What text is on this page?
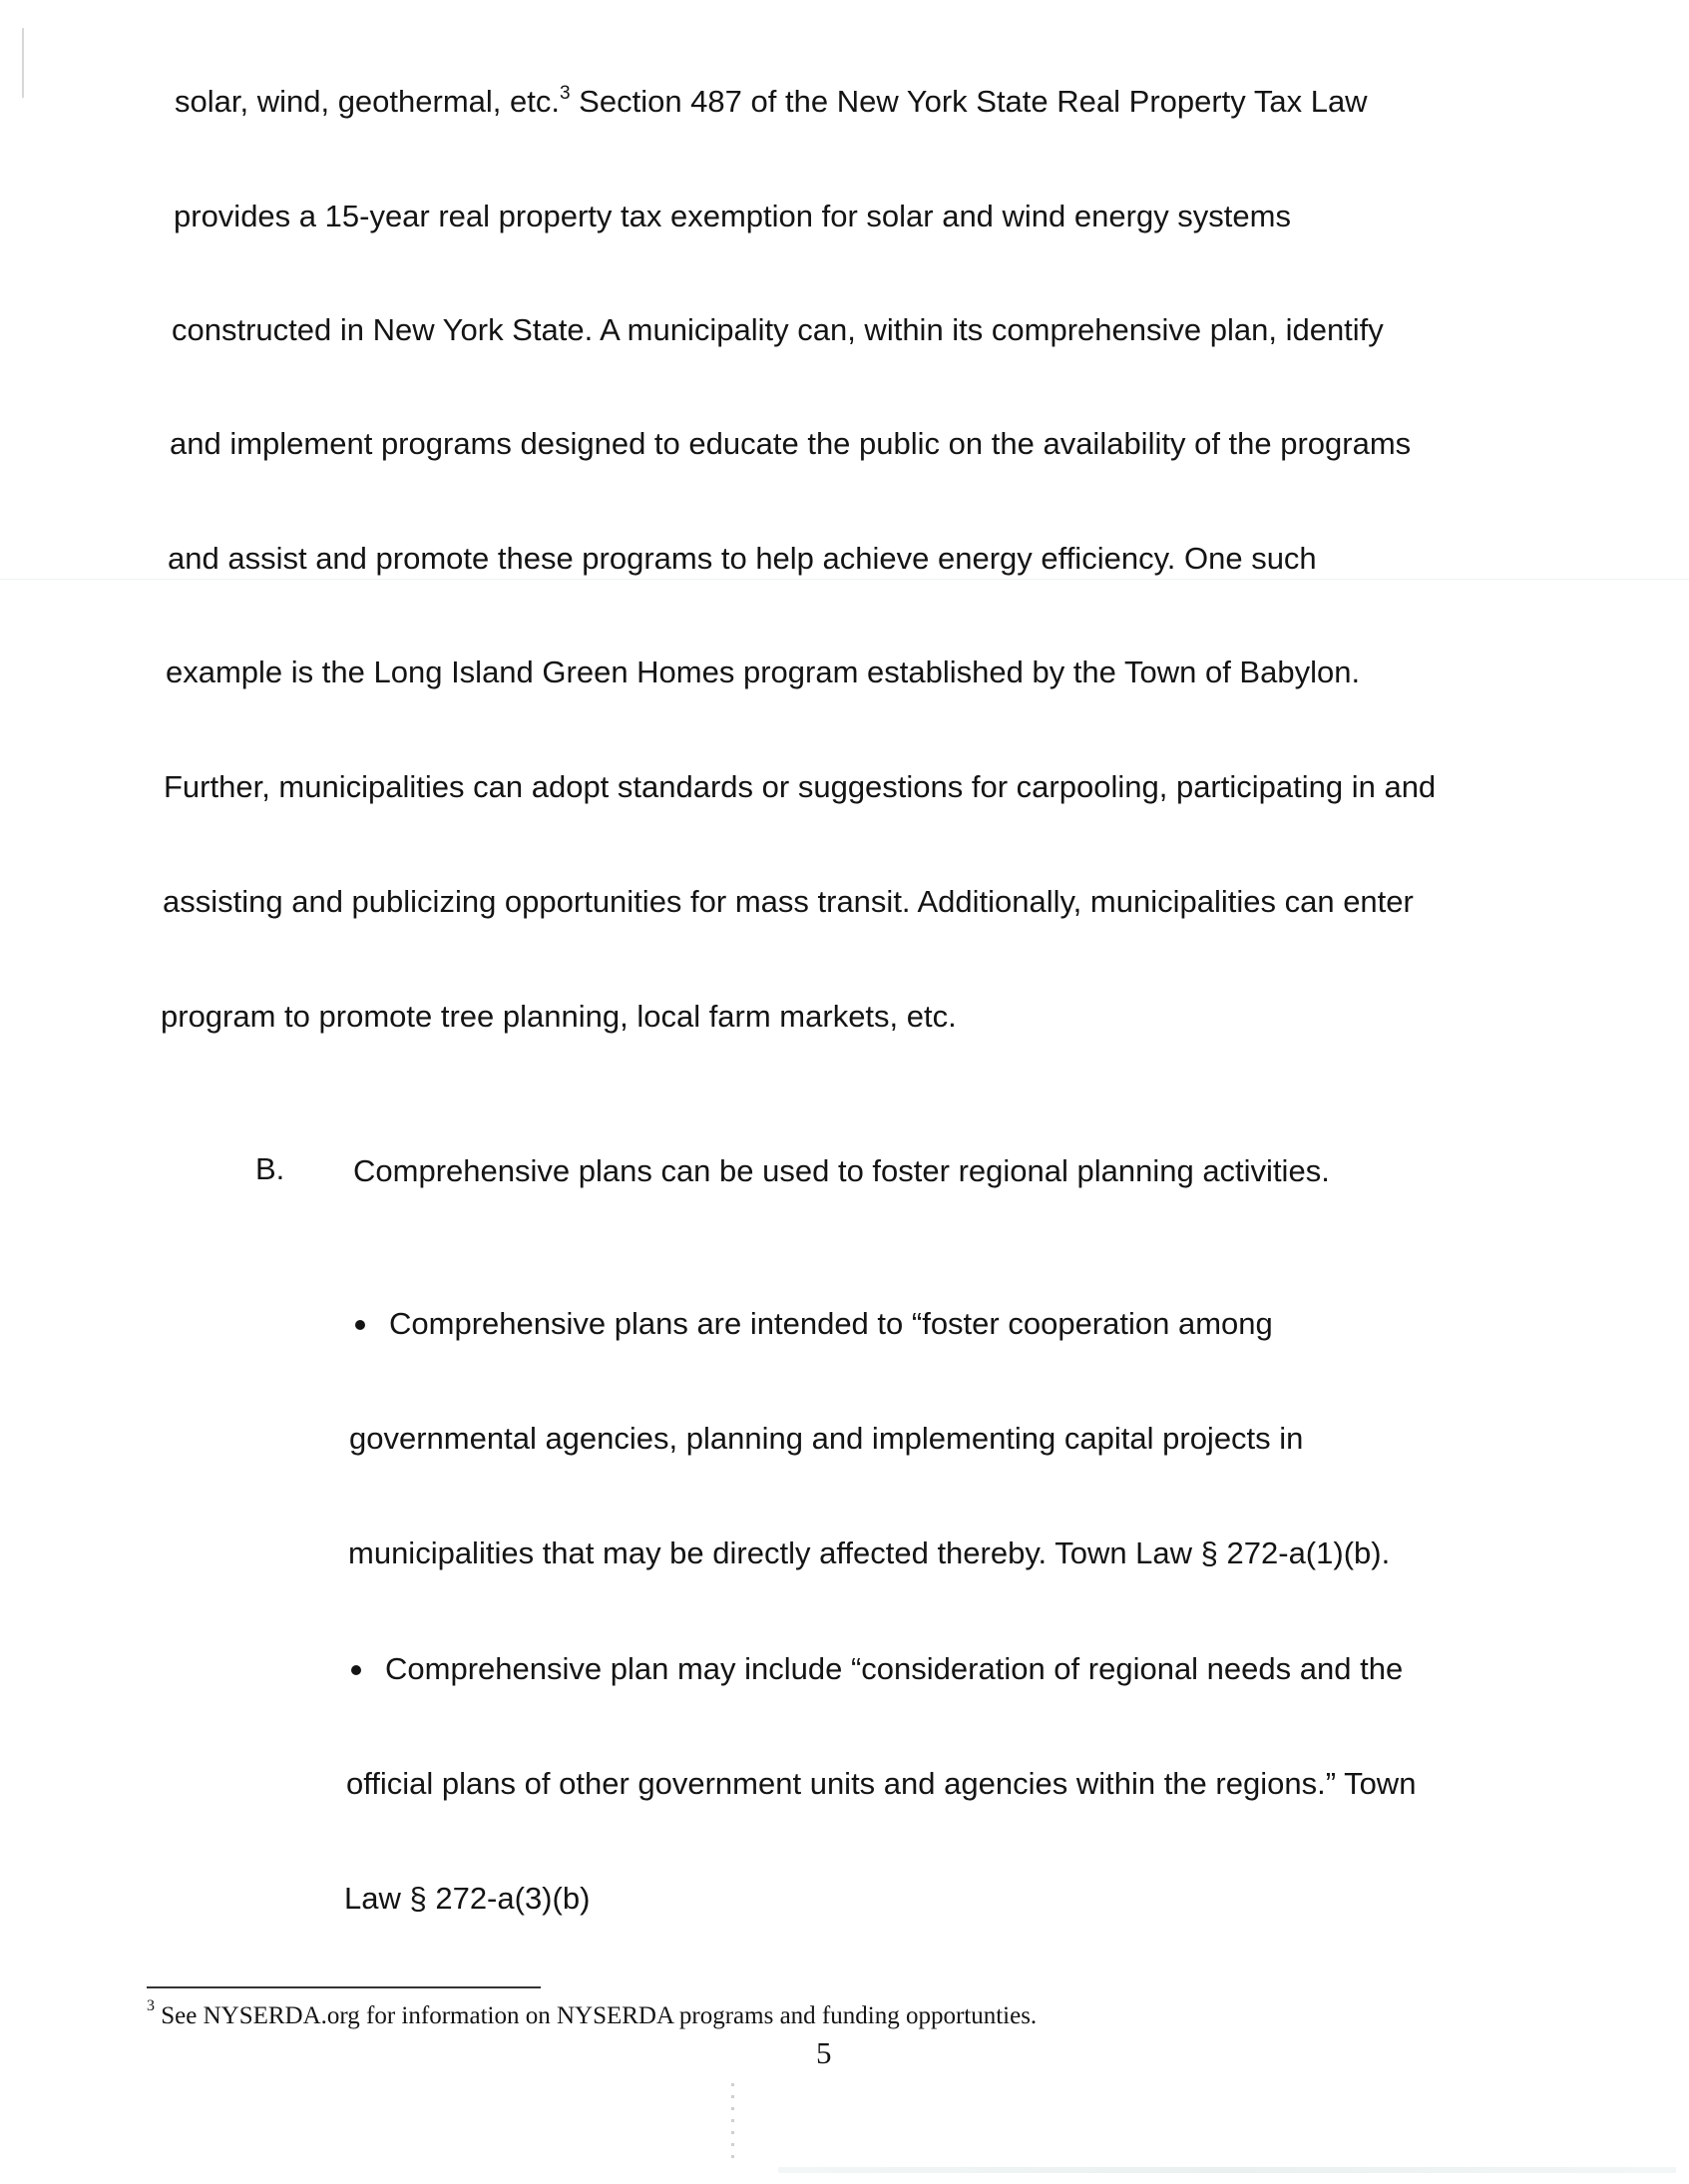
solar, wind, geothermal, etc.$^3$ Section 487 of the New York State Real Property Tax Law
provides a 15-year real property tax exemption for solar and wind energy systems
constructed in New York State. A municipality can, within its comprehensive plan, identify
and implement programs designed to educate the public on the availability of the programs
and assist and promote these programs to help achieve energy efficiency. One such
example is the Long Island Green Homes program established by the Town of Babylon.
Further, municipalities can adopt standards or suggestions for carpooling, participating in and
assisting and publicizing opportunities for mass transit. Additionally, municipalities can enter
program to promote tree planning, local farm markets, etc.
B. Comprehensive plans can be used to foster regional planning activities.
Comprehensive plans are intended to “foster cooperation among
governmental agencies, planning and implementing capital projects in
municipalities that may be directly affected thereby. Town Law § 272-a(1)(b).
Comprehensive plan may include “consideration of regional needs and the
official plans of other government units and agencies within the regions.” Town
Law § 272-a(3)(b)
$^3$ See NYSERDA.org for information on NYSERDA programs and funding opportunties.
5
